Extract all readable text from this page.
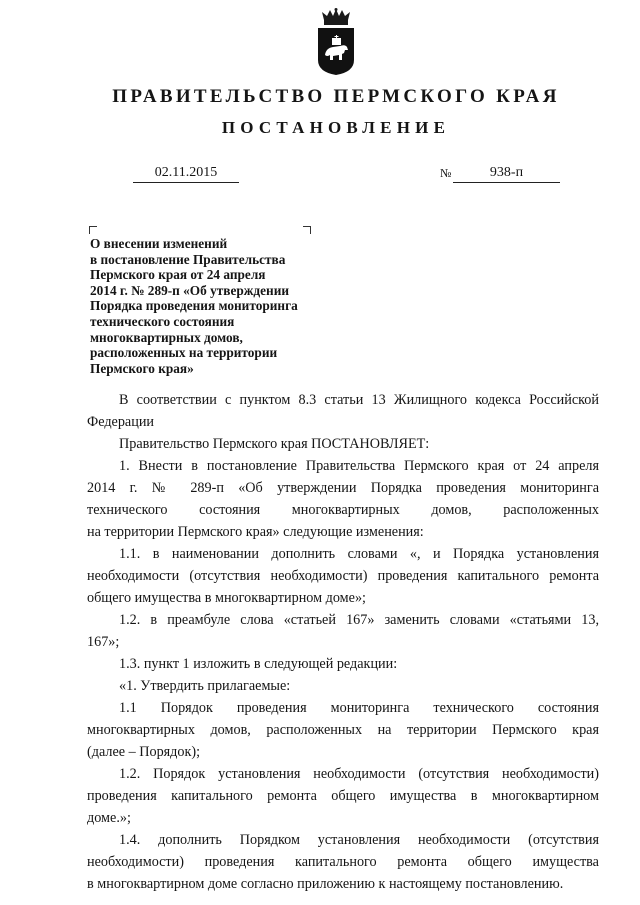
ПРАВИТЕЛЬСТВО ПЕРМСКОГО КРАЯ
ПОСТАНОВЛЕНИЕ
02.11.2015	№	938-п
О внесении изменений
в постановление Правительства
Пермского края от 24 апреля
2014 г. № 289-п «Об утверждении
Порядка проведения мониторинга
технического состояния
многоквартирных домов,
расположенных на территории
Пермского края»
В соответствии с пунктом 8.3 статьи 13 Жилищного кодекса Российской
Федерации
Правительство Пермского края ПОСТАНОВЛЯЕТ:
1. Внести в постановление Правительства Пермского края от 24 апреля
2014 г. № 289-п «Об утверждении Порядка проведения мониторинга
технического состояния многоквартирных домов, расположенных
на территории Пермского края» следующие изменения:
1.1. в наименовании дополнить словами «, и Порядка установления
необходимости (отсутствия необходимости) проведения капитального ремонта
общего имущества в многоквартирном доме»;
1.2. в преамбуле слова «статьей 167» заменить словами «статьями 13,
167»;
1.3. пункт 1 изложить в следующей редакции:
«1. Утвердить прилагаемые:
1.1 Порядок проведения мониторинга технического состояния
многоквартирных домов, расположенных на территории Пермского края
(далее – Порядок);
1.2. Порядок установления необходимости (отсутствия необходимости)
проведения капитального ремонта общего имущества в многоквартирном
доме.»;
1.4. дополнить Порядком установления необходимости (отсутствия
необходимости) проведения капитального ремонта общего имущества
в многоквартирном доме согласно приложению к настоящему постановлению.
